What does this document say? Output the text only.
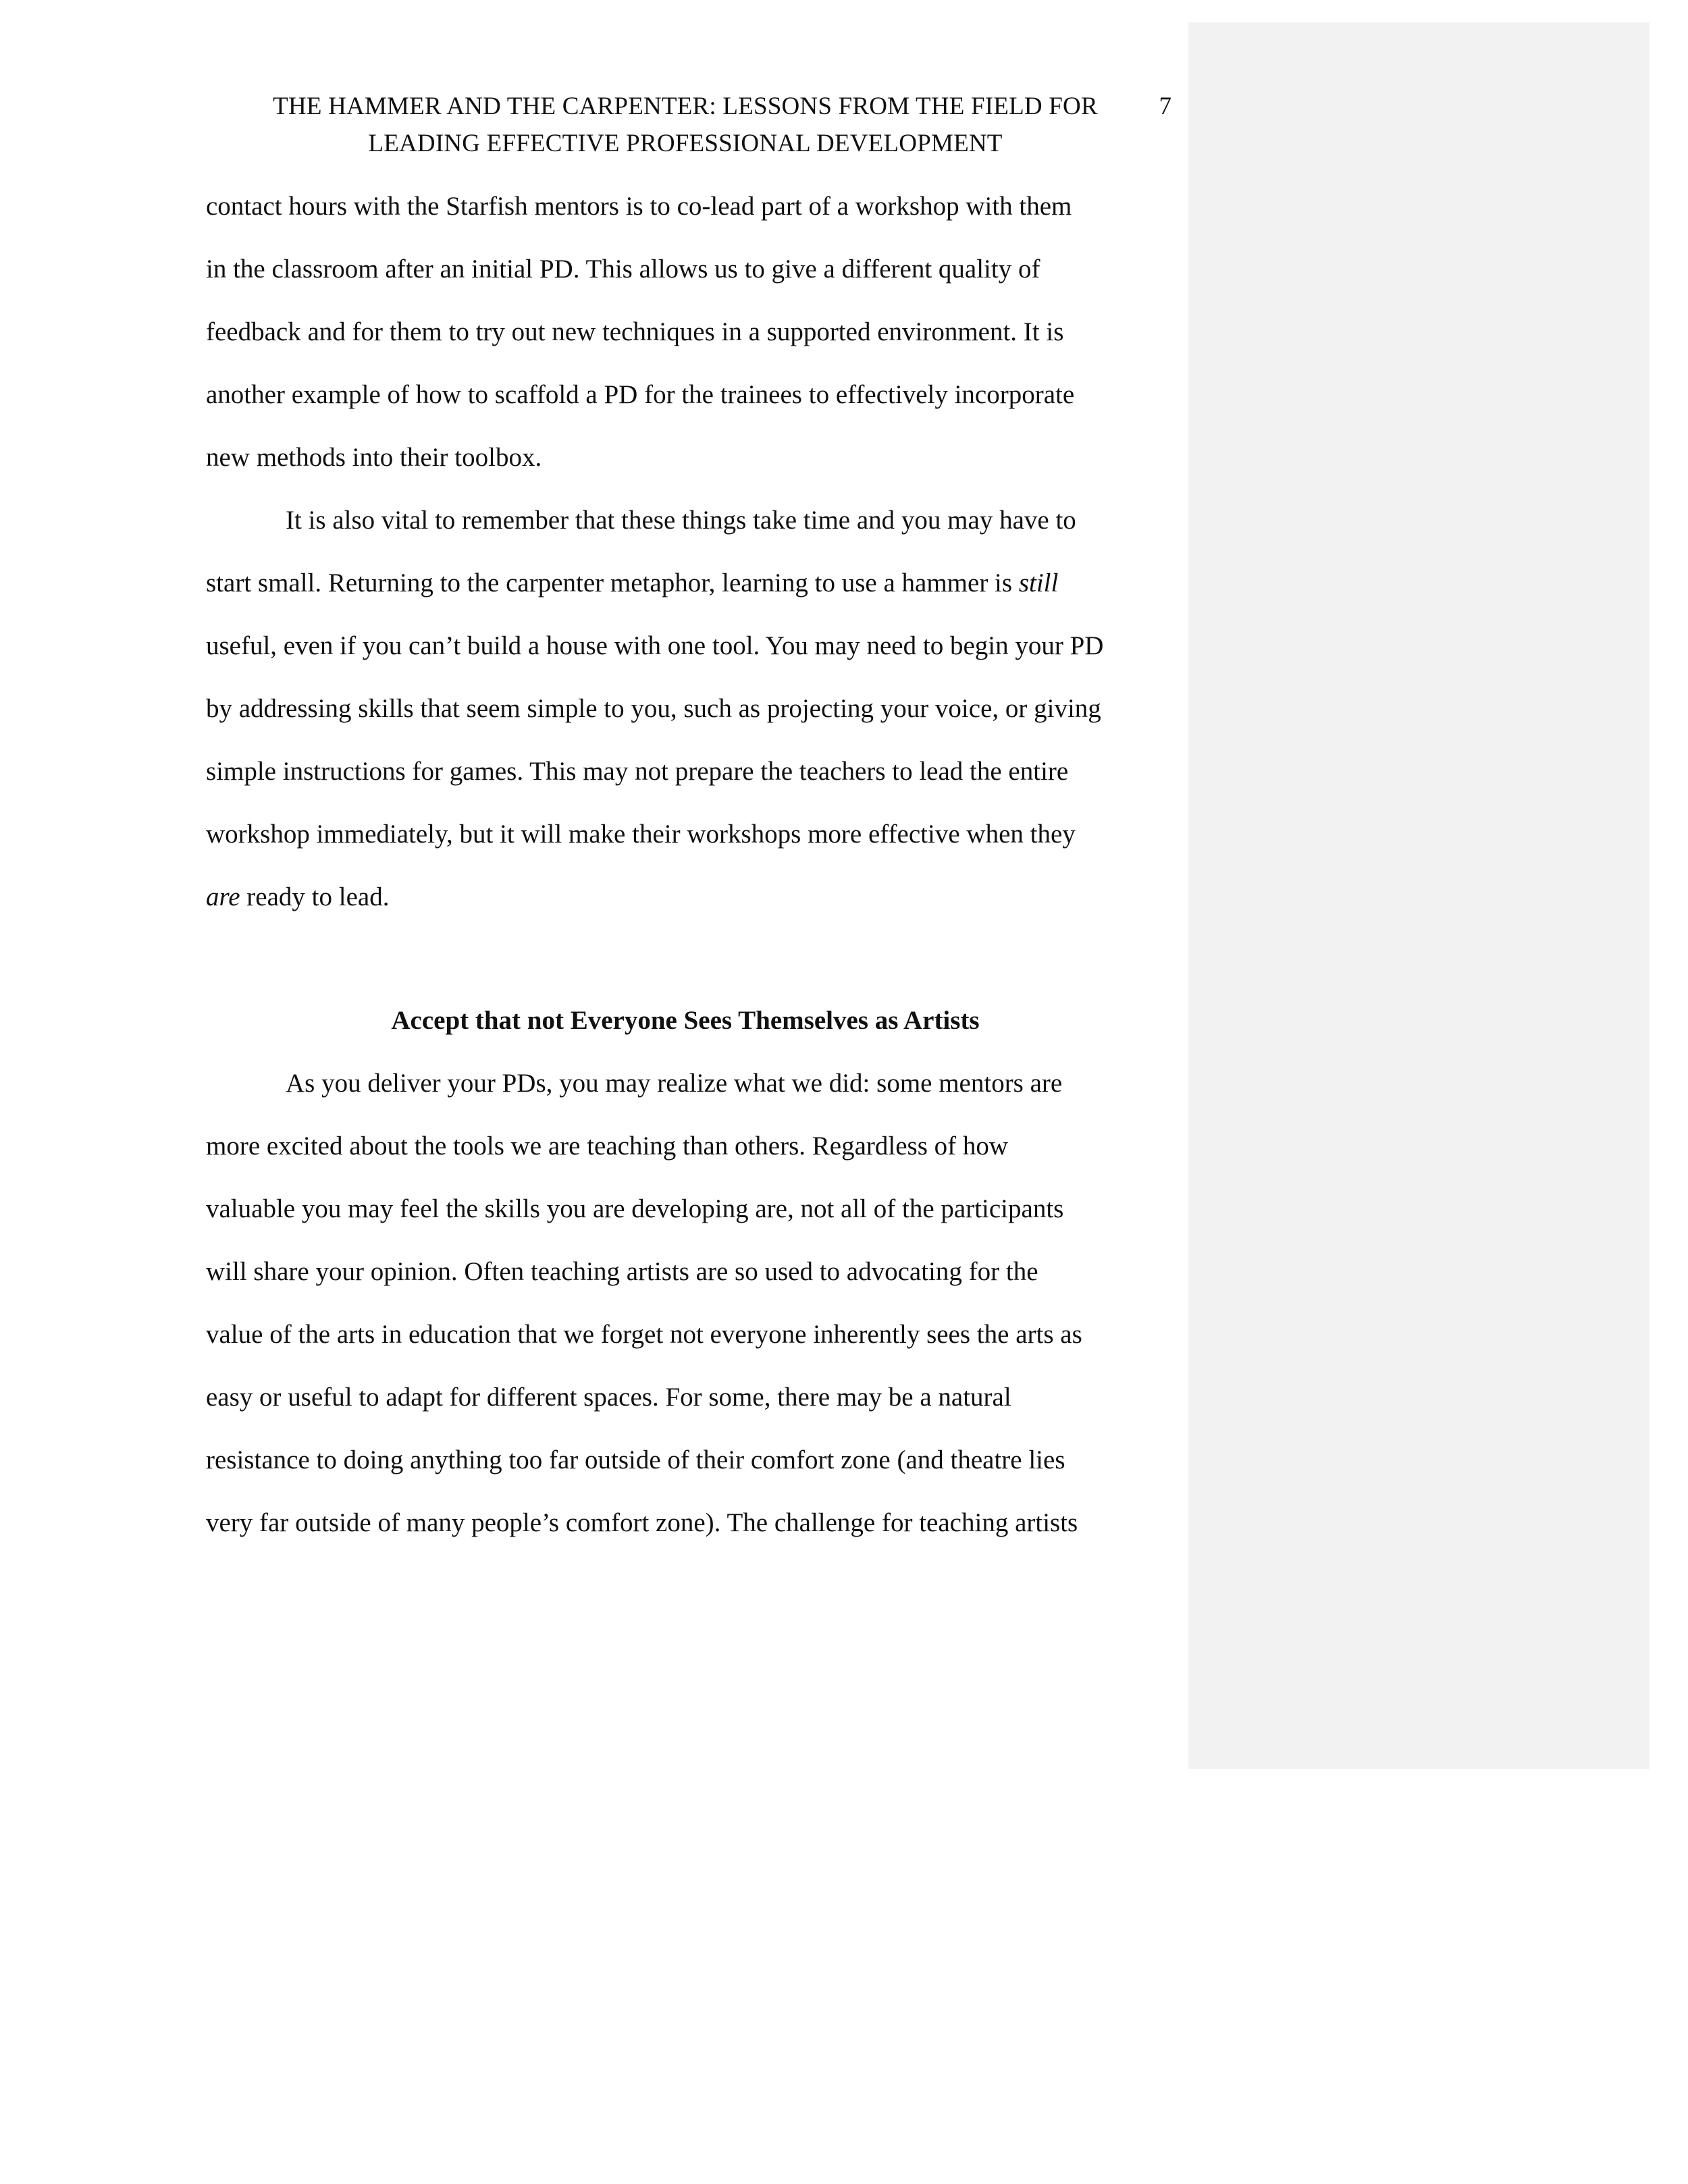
THE HAMMER AND THE CARPENTER: LESSONS FROM THE FIELD FOR
LEADING EFFECTIVE PROFESSIONAL DEVELOPMENT
7
contact hours with the Starfish mentors is to co-lead part of a workshop with them
in the classroom after an initial PD. This allows us to give a different quality of
feedback and for them to try out new techniques in a supported environment. It is
another example of how to scaffold a PD for the trainees to effectively incorporate
new methods into their toolbox.
It is also vital to remember that these things take time and you may have to
start small. Returning to the carpenter metaphor, learning to use a hammer is still
useful, even if you can’t build a house with one tool. You may need to begin your PD
by addressing skills that seem simple to you, such as projecting your voice, or giving
simple instructions for games. This may not prepare the teachers to lead the entire
workshop immediately, but it will make their workshops more effective when they
are ready to lead.
Accept that not Everyone Sees Themselves as Artists
As you deliver your PDs, you may realize what we did: some mentors are
more excited about the tools we are teaching than others. Regardless of how
valuable you may feel the skills you are developing are, not all of the participants
will share your opinion. Often teaching artists are so used to advocating for the
value of the arts in education that we forget not everyone inherently sees the arts as
easy or useful to adapt for different spaces. For some, there may be a natural
resistance to doing anything too far outside of their comfort zone (and theatre lies
very far outside of many people’s comfort zone). The challenge for teaching artists
